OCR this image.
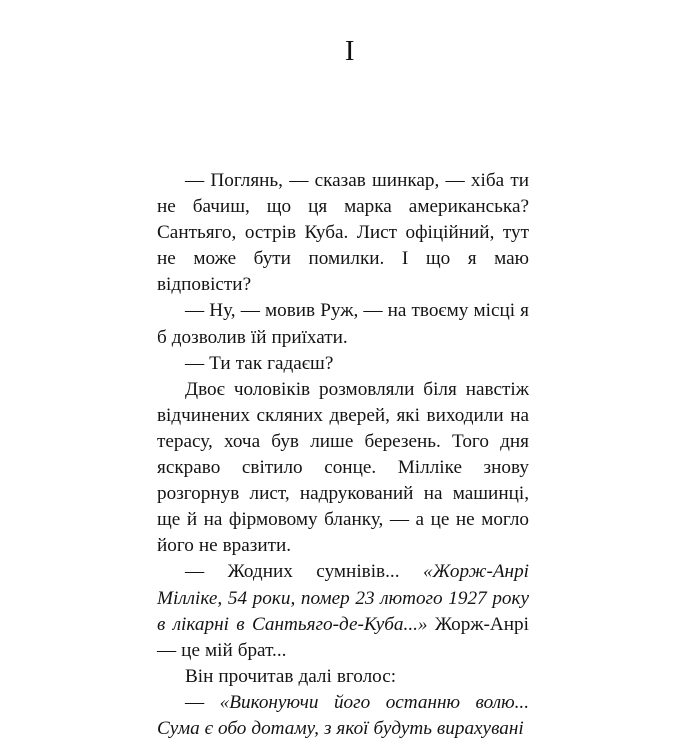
I

— Поглянь, — сказав шинкар, — хіба ти не бачиш, що ця марка американська? Сантьяго, острів Куба. Лист офіційний, тут не може бути помилки. І що я маю відповісти?

— Ну, — мовив Руж, — на твоєму місці я б дозволив їй приїхати.

— Ти так гадаєш?

Двоє чоловіків розмовляли біля навстіж відчинених скляних дверей, які виходили на терасу, хоча був лише березень. Того дня яскраво світило сонце. Мілліке знову розгорнув лист, надрукований на машинці, ще й на фірмовому бланку, — а це не могло його не вразити.

— Жодних сумнівів... «Жорж-Анрі Мілліке, 54 роки, помер 23 лютого 1927 року в лікарні в Сантьяго-де-Куба...» Жорж-Анрі — це мій брат...

Він прочитав далі вголос:

— «Виконуючи його останню волю... Сума є обо дотаму, з якої будуть вирахувані
